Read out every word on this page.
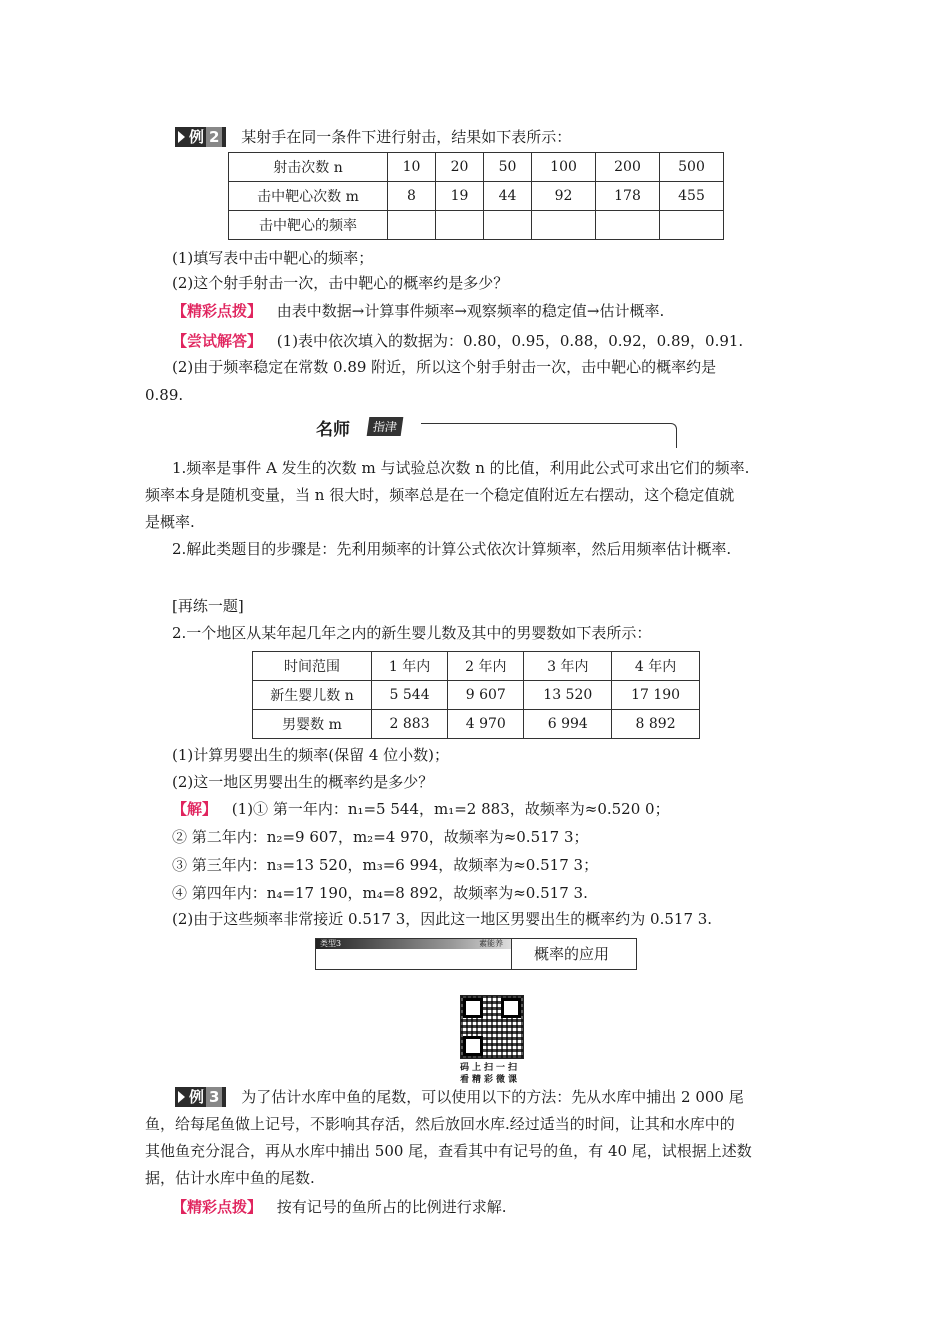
例 2 某射手在同一条件下进行射击，结果如下表所示：
射击次数 n	10	20	50	100	200	500
击中靶心次数 m	8	19	44	92	178	455
击中靶心的频率						
(1)填写表中击中靶心的频率；
(2)这个射手射击一次，击中靶心的概率约是多少？
【精彩点拨】 由表中数据→计算事件频率→观察频率的稳定值→估计概率.
【尝试解答】 (1)表中依次填入的数据为：0.80，0.95，0.88，0.92，0.89，0.91.
(2)由于频率稳定在常数 0.89 附近，所以这个射手射击一次，击中靶心的概率约是
0.89.
名师	指津
1.频率是事件 A 发生的次数 m 与试验总次数 n 的比值，利用此公式可求出它们的频率.
频率本身是随机变量，当 n 很大时，频率总是在一个稳定值附近左右摆动，这个稳定值就
是概率.
2.解此类题目的步骤是：先利用频率的计算公式依次计算频率，然后用频率估计概率.
[再练一题]
2.一个地区从某年起几年之内的新生婴儿数及其中的男婴数如下表所示：
时间范围	1 年内	2 年内	3 年内	4 年内
新生婴儿数 n	5 544	9 607	13 520	17 190
男婴数 m	2 883	4 970	6 994	8 892
(1)计算男婴出生的频率(保留 4 位小数)；
(2)这一地区男婴出生的概率约是多少？
【解】 (1)① 第一年内：n₁=5 544，m₁=2 883，故频率为≈0.520 0；
② 第二年内：n₂=9 607，m₂=4 970，故频率为≈0.517 3；
③ 第三年内：n₃=13 520，m₃=6 994，故频率为≈0.517 3；
④ 第四年内：n₄=17 190，m₄=8 892，故频率为≈0.517 3.
(2)由于这些频率非常接近 0.517 3，因此这一地区男婴出生的概率约为 0.517 3.
类型3	素能养
概率的应用
码上扫一扫
看精彩微课
例 3 为了估计水库中鱼的尾数，可以使用以下的方法：先从水库中捕出 2 000 尾
鱼，给每尾鱼做上记号，不影响其存活，然后放回水库.经过适当的时间，让其和水库中的
其他鱼充分混合，再从水库中捕出 500 尾，查看其中有记号的鱼，有 40 尾，试根据上述数
据，估计水库中鱼的尾数.
【精彩点拨】 按有记号的鱼所占的比例进行求解.
